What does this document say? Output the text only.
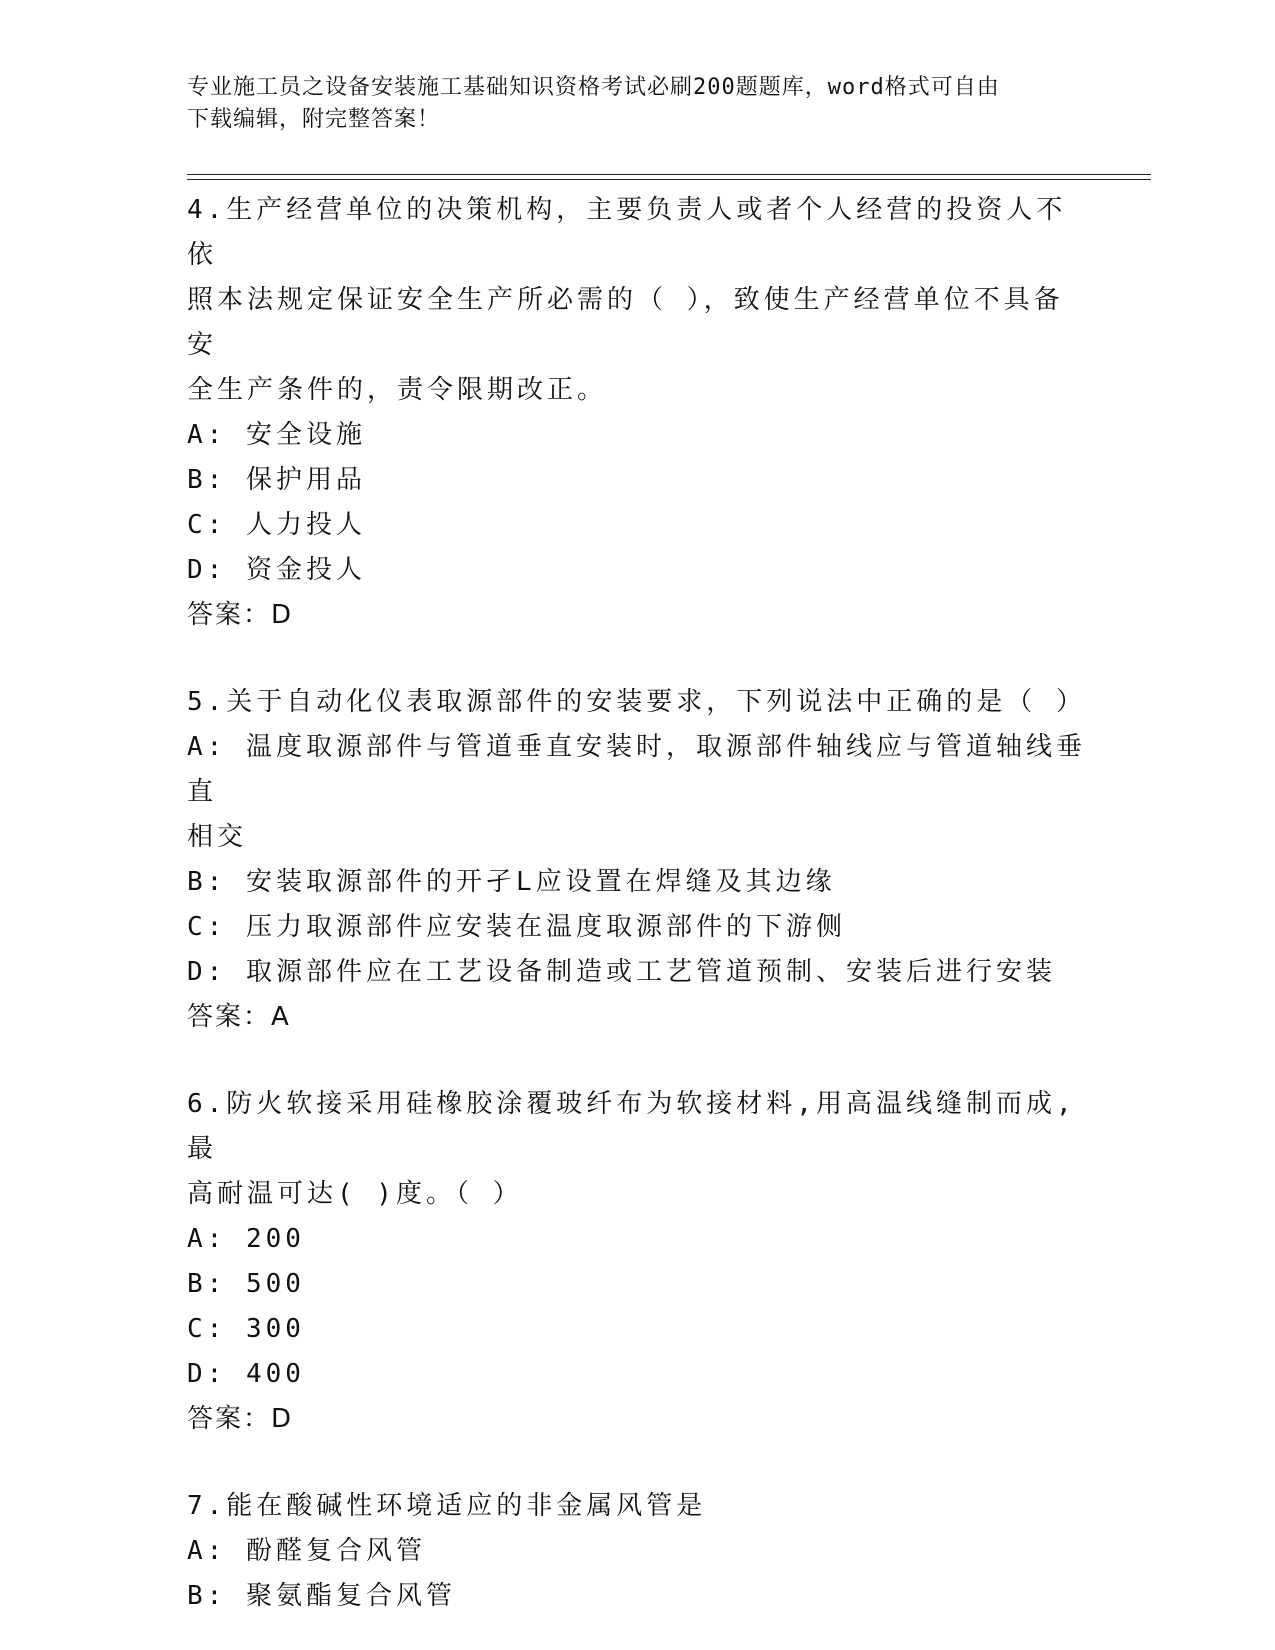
专业施工员之设备安装施工基础知识资格考试必刷200题题库，word格式可自由
下载编辑，附完整答案！
4.生产经营单位的决策机构，主要负责人或者个人经营的投资人不依
照本法规定保证安全生产所必需的（ ），致使生产经营单位不具备安
全生产条件的，责令限期改正。
A: 安全设施
B: 保护用品
C: 人力投人
D: 资金投人
答案：D
5.关于自动化仪表取源部件的安装要求，下列说法中正确的是（ ）
A: 温度取源部件与管道垂直安装时，取源部件轴线应与管道轴线垂直
相交
B: 安装取源部件的开孑L应设置在焊缝及其边缘
C: 压力取源部件应安装在温度取源部件的下游侧
D: 取源部件应在工艺设备制造或工艺管道预制、安装后进行安装
答案：A
6.防火软接采用硅橡胶涂覆玻纤布为软接材料,用高温线缝制而成,最
高耐温可达( )度。（ ）
A: 200
B: 500
C: 300
D: 400
答案：D
7.能在酸碱性环境适应的非金属风管是
A: 酚醛复合风管
B: 聚氨酯复合风管
